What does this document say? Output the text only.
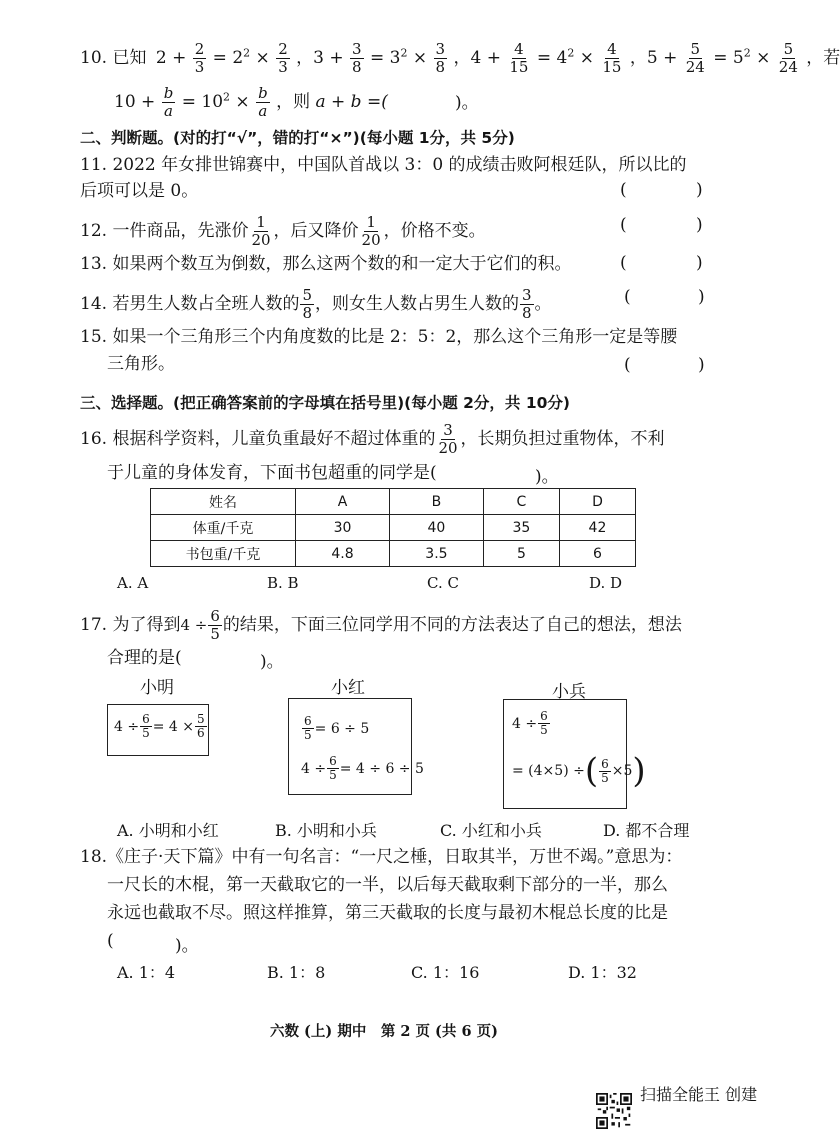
10. 已知 $2 + \frac{2}{3} = 2^2 \times \frac{2}{3}$ ，$3 + \frac{3}{8} = 3^2 \times \frac{3}{8}$ ，$4 + \frac{4}{15} = 4^2 \times \frac{4}{15}$ ，$5 + \frac{5}{24} = 5^2 \times \frac{5}{24}$ ，若
$10 + \frac{b}{a} = 10^2 \times \frac{b}{a}$ ，则 a + b =(	)。
二、判断题。(对的打“√”，错的打“×”)(每小题 1分，共 5分)
11. 2022 年女排世锦赛中，中国队首战以 3：0 的成绩击败阿根廷队，所以比的
后项可以是 0。	(	)
12. 一件商品，先涨价 $\frac{1}{20}$ ，后又降价 $\frac{1}{20}$ ，价格不变。	(	)
13. 如果两个数互为倒数，那么这两个数的和一定大于它们的积。	(	)
14. 若男生人数占全班人数的 $\frac{5}{8}$ ，则女生人数占男生人数的 $\frac{3}{8}$ 。	(	)
15. 如果一个三角形三个内角度数的比是 2：5：2，那么这个三角形一定是等腰
三角形。	(	)
三、选择题。(把正确答案前的字母填在括号里)(每小题 2分，共 10分)
16. 根据科学资料，儿童负重最好不超过体重的 $\frac{3}{20}$ ，长期负担过重物体，不利
于儿童的身体发育，下面书包超重的同学是(	)。
姓名	A	B	C	D
体重/千克	30	40	35	42
书包重/千克	4.8	3.5	5	6
A. A	B. B	C. C	D. D
17. 为了得到$4 \div \frac{6}{5}$ 的结果，下面三位同学用不同的方法表达了自己的想法，想法
合理的是(	)。
小明	小红	小兵
$4 \div \frac{6}{5} = 4 \times \frac{5}{6}$	$\frac{6}{5} = 6 \div 5$
$4 \div \frac{6}{5} = 4 \div 6 \div 5$
$4 \div \frac{6}{5}$
= (4×5) ÷ ( $\frac{6}{5} \times 5$ )
A. 小明和小红	B. 小明和小兵	C. 小红和小兵	D. 都不合理
18.《庄子·天下篇》中有一句名言：“一尺之棰，日取其半，万世不竭。”意思为：
一尺长的木棍，第一天截取它的一半，以后每天截取剩下部分的一半，那么
永远也截取不尽。照这样推算，第三天截取的长度与最初木棍总长度的比是
(	)。
A. 1：4	B. 1：8	C. 1：16	D. 1：32
六数 (上) 期中　第 2 页 (共 6 页)
扫描全能王 创建
